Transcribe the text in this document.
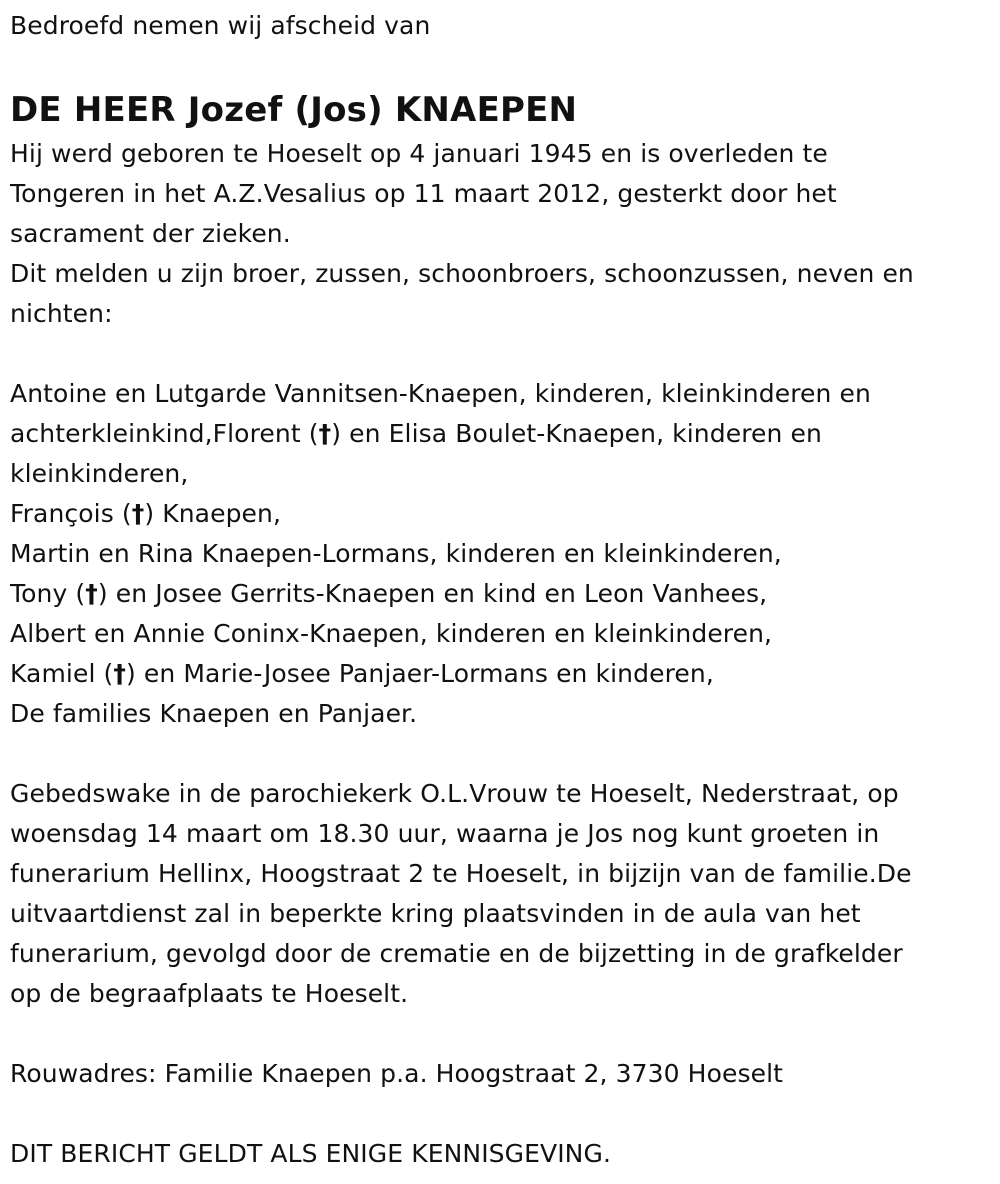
Bedroefd nemen wij afscheid van
DE HEER Jozef (Jos) KNAEPEN
Hij werd geboren te Hoeselt op 4 januari 1945 en is overleden te
Tongeren in het A.Z.Vesalius op 11 maart 2012, gesterkt door het
sacrament der zieken.
Dit melden u zijn broer, zussen, schoonbroers, schoonzussen, neven en
nichten:
Antoine en Lutgarde Vannitsen-Knaepen, kinderen, kleinkinderen en
achterkleinkind,Florent (†) en Elisa Boulet-Knaepen, kinderen en
kleinkinderen,
François (†) Knaepen,
Martin en Rina Knaepen-Lormans, kinderen en kleinkinderen,
Tony (†) en Josee Gerrits-Knaepen en kind en Leon Vanhees,
Albert en Annie Coninx-Knaepen, kinderen en kleinkinderen,
Kamiel (†) en Marie-Josee Panjaer-Lormans en kinderen,
De families Knaepen en Panjaer.
Gebedswake in de parochiekerk O.L.Vrouw te Hoeselt, Nederstraat, op
woensdag 14 maart om 18.30 uur, waarna je Jos nog kunt groeten in
funerarium Hellinx, Hoogstraat 2 te Hoeselt, in bijzijn van de familie.De
uitvaartdienst zal in beperkte kring plaatsvinden in de aula van het
funerarium, gevolgd door de crematie en de bijzetting in de grafkelder
op de begraafplaats te Hoeselt.
Rouwadres: Familie Knaepen p.a. Hoogstraat 2, 3730 Hoeselt
DIT BERICHT GELDT ALS ENIGE KENNISGEVING.
